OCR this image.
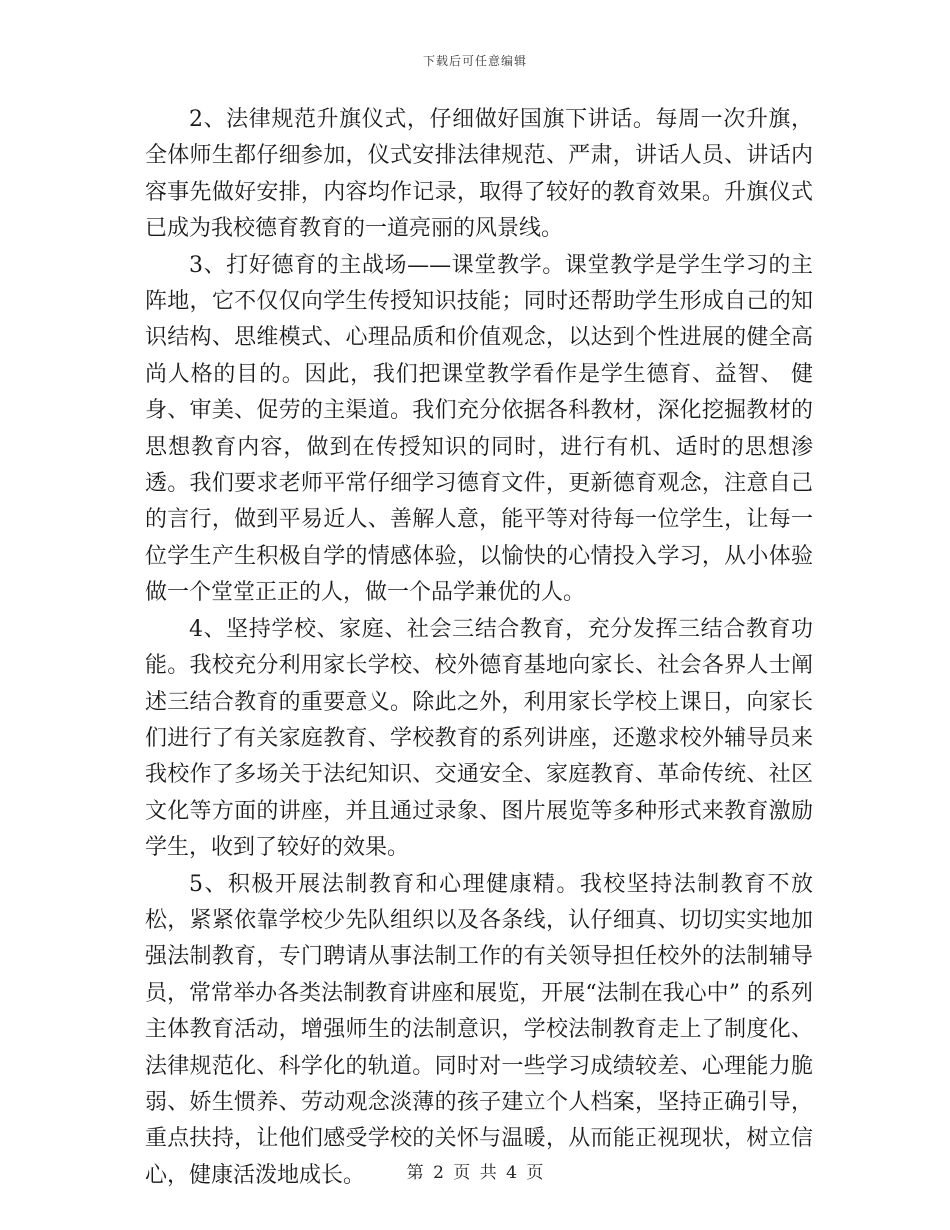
下载后可任意编辑

2、法律规范升旗仪式，仔细做好国旗下讲话。每周一次升旗，全体师生都仔细参加，仪式安排法律规范、严肃，讲话人员、讲话内容事先做好安排，内容均作记录，取得了较好的教育效果。升旗仪式已成为我校德育教育的一道亮丽的风景线。

3、打好德育的主战场——课堂教学。课堂教学是学生学习的主阵地，它不仅仅向学生传授知识技能；同时还帮助学生形成自己的知识结构、思维模式、心理品质和价值观念，以达到个性进展的健全高尚人格的目的。因此，我们把课堂教学看作是学生德育、益智、 健身、审美、促劳的主渠道。我们充分依据各科教材，深化挖掘教材的思想教育内容，做到在传授知识的同时，进行有机、适时的思想渗透。我们要求老师平常仔细学习德育文件，更新德育观念，注意自己的言行，做到平易近人、善解人意，能平等对待每一位学生，让每一位学生产生积极自学的情感体验，以愉快的心情投入学习，从小体验做一个堂堂正正的人，做一个品学兼优的人。

4、坚持学校、家庭、社会三结合教育，充分发挥三结合教育功能。我校充分利用家长学校、校外德育基地向家长、社会各界人士阐述三结合教育的重要意义。除此之外，利用家长学校上课日，向家长们进行了有关家庭教育、学校教育的系列讲座，还邀求校外辅导员来我校作了多场关于法纪知识、交通安全、家庭教育、革命传统、社区文化等方面的讲座，并且通过录象、图片展览等多种形式来教育激励学生，收到了较好的效果。

5、积极开展法制教育和心理健康精。我校坚持法制教育不放 松，紧紧依靠学校少先队组织以及各条线，认仔细真、切切实实地加强法制教育，专门聘请从事法制工作的有关领导担任校外的法制辅导员，常常举办各类法制教育讲座和展览，开展“法制在我心中” 的系列主体教育活动，增强师生的法制意识，学校法制教育走上了制度化、法律规范化、科学化的轨道。同时对一些学习成绩较差、心理能力脆弱、娇生惯养、劳动观念淡薄的孩子建立个人档案，坚持正确引导，重点扶持，让他们感受学校的关怀与温暖，从而能正视现状，树立信心，健康活泼地成长。	第 2 页 共 4 页
